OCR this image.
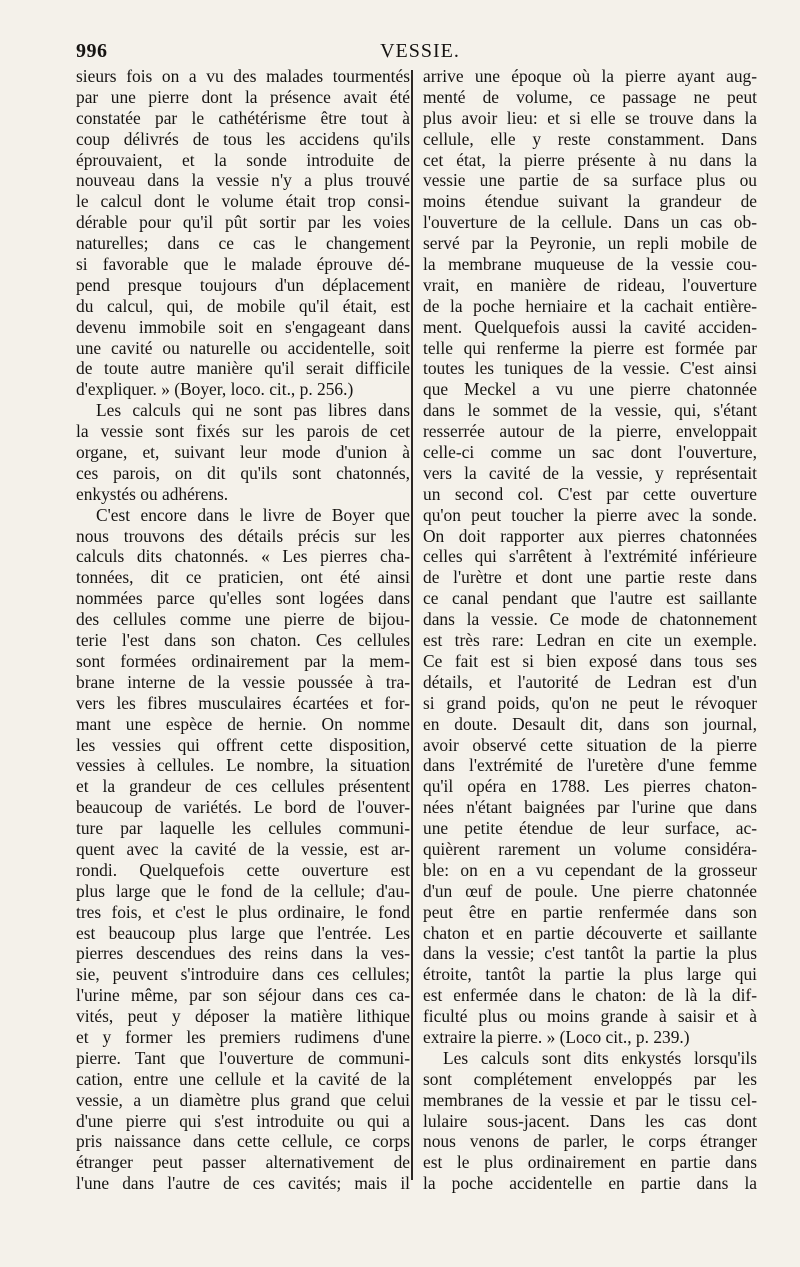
996	VESSIE.
sieurs fois on a vu des malades tourmentés
par une pierre dont la présence avait été
constatée par le cathétérisme être tout à
coup délivrés de tous les accidens qu'ils
éprouvaient, et la sonde introduite de
nouveau dans la vessie n'y a plus trouvé
le calcul dont le volume était trop consi-
dérable pour qu'il pût sortir par les voies
naturelles; dans ce cas le changement
si favorable que le malade éprouve dé-
pend presque toujours d'un déplacement
du calcul, qui, de mobile qu'il était, est
devenu immobile soit en s'engageant dans
une cavité ou naturelle ou accidentelle, soit
de toute autre manière qu'il serait difficile
d'expliquer. » (Boyer, loco. cit., p. 256.)
Les calculs qui ne sont pas libres dans
la vessie sont fixés sur les parois de cet
organe, et, suivant leur mode d'union à
ces parois, on dit qu'ils sont chatonnés,
enkystés ou adhérens.
C'est encore dans le livre de Boyer que
nous trouvons des détails précis sur les
calculs dits chatonnés. « Les pierres cha-
tonnées, dit ce praticien, ont été ainsi
nommées parce qu'elles sont logées dans
des cellules comme une pierre de bijou-
terie l'est dans son chaton. Ces cellules
sont formées ordinairement par la mem-
brane interne de la vessie poussée à tra-
vers les fibres musculaires écartées et for-
mant une espèce de hernie. On nomme
les vessies qui offrent cette disposition,
vessies à cellules. Le nombre, la situation
et la grandeur de ces cellules présentent
beaucoup de variétés. Le bord de l'ouver-
ture par laquelle les cellules communi-
quent avec la cavité de la vessie, est ar-
rondi. Quelquefois cette ouverture est
plus large que le fond de la cellule; d'au-
tres fois, et c'est le plus ordinaire, le fond
est beaucoup plus large que l'entrée. Les
pierres descendues des reins dans la ves-
sie, peuvent s'introduire dans ces cellules;
l'urine même, par son séjour dans ces ca-
vités, peut y déposer la matière lithique
et y former les premiers rudimens d'une
pierre. Tant que l'ouverture de communi-
cation, entre une cellule et la cavité de la
vessie, a un diamètre plus grand que celui
d'une pierre qui s'est introduite ou qui a
pris naissance dans cette cellule, ce corps
étranger peut passer alternativement de
l'une dans l'autre de ces cavités; mais il
arrive une époque où la pierre ayant aug-
menté de volume, ce passage ne peut
plus avoir lieu: et si elle se trouve dans la
cellule, elle y reste constamment. Dans
cet état, la pierre présente à nu dans la
vessie une partie de sa surface plus ou
moins étendue suivant la grandeur de
l'ouverture de la cellule. Dans un cas ob-
servé par la Peyronie, un repli mobile de
la membrane muqueuse de la vessie cou-
vrait, en manière de rideau, l'ouverture
de la poche herniaire et la cachait entière-
ment. Quelquefois aussi la cavité acciden-
telle qui renferme la pierre est formée par
toutes les tuniques de la vessie. C'est ainsi
que Meckel a vu une pierre chatonnée
dans le sommet de la vessie, qui, s'étant
resserrée autour de la pierre, enveloppait
celle-ci comme un sac dont l'ouverture,
vers la cavité de la vessie, y représentait
un second col. C'est par cette ouverture
qu'on peut toucher la pierre avec la sonde.
On doit rapporter aux pierres chatonnées
celles qui s'arrêtent à l'extrémité inférieure
de l'urètre et dont une partie reste dans
ce canal pendant que l'autre est saillante
dans la vessie. Ce mode de chatonnement
est très rare: Ledran en cite un exemple.
Ce fait est si bien exposé dans tous ses
détails, et l'autorité de Ledran est d'un
si grand poids, qu'on ne peut le révoquer
en doute. Desault dit, dans son journal,
avoir observé cette situation de la pierre
dans l'extrémité de l'uretère d'une femme
qu'il opéra en 1788. Les pierres chaton-
nées n'étant baignées par l'urine que dans
une petite étendue de leur surface, ac-
quièrent rarement un volume considéra-
ble: on en a vu cependant de la grosseur
d'un œuf de poule. Une pierre chatonnée
peut être en partie renfermée dans son
chaton et en partie découverte et saillante
dans la vessie; c'est tantôt la partie la plus
étroite, tantôt la partie la plus large qui
est enfermée dans le chaton: de là la dif-
ficulté plus ou moins grande à saisir et à
extraire la pierre. » (Loco cit., p. 239.)
Les calculs sont dits enkystés lorsqu'ils
sont complétement enveloppés par les
membranes de la vessie et par le tissu cel-
lulaire sous-jacent. Dans les cas dont
nous venons de parler, le corps étranger
est le plus ordinairement en partie dans
la poche accidentelle en partie dans la
